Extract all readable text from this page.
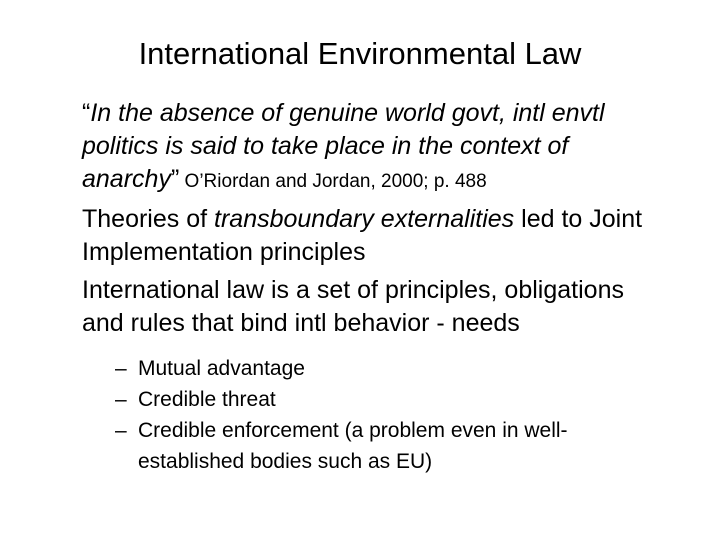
International Environmental Law
“In the absence of genuine world govt, intl envtl
politics is said to take place in the context of
anarchy” O’Riordan and Jordan, 2000; p. 488
Theories of transboundary externalities led to Joint
Implementation principles
International law is a set of principles, obligations
and rules that bind intl behavior - needs
– Mutual advantage
– Credible threat
– Credible enforcement (a problem even in well-
established bodies such as EU)
